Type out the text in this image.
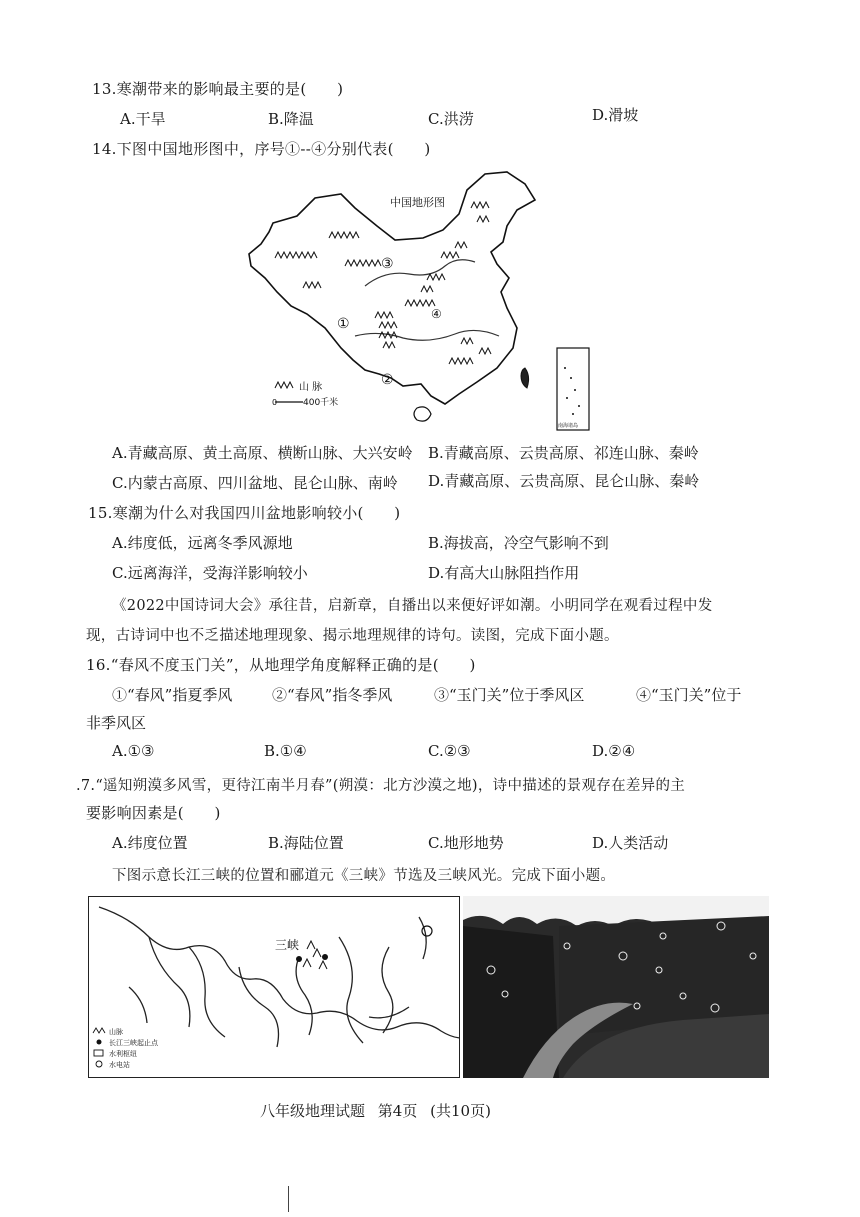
13.寒潮带来的影响最主要的是(　　)
A.干旱	B.降温	C.洪涝	D.滑坡
14.下图中国地形图中，序号①--④分别代表(　　)
中国地形图
③
①
②
④
山 脉
0	400千米
南海诸岛
A.青藏高原、黄土高原、横断山脉、大兴安岭 B.青藏高原、云贵高原、祁连山脉、秦岭
C.内蒙古高原、四川盆地、昆仑山脉、南岭 D.青藏高原、云贵高原、昆仑山脉、秦岭
15.寒潮为什么对我国四川盆地影响较小(　　)
A.纬度低，远离冬季风源地	B.海拔高，冷空气影响不到
C.远离海洋，受海洋影响较小	D.有高大山脉阻挡作用
《2022中国诗词大会》承往昔，启新章，自播出以来便好评如潮。小明同学在观看过程中发
现，古诗词中也不乏描述地理现象、揭示地理规律的诗句。读图，完成下面小题。
16.“春风不度玉门关”，从地理学角度解释正确的是(　　)
①“春风”指夏季风	②“春风”指冬季风	③“玉门关”位于季风区	④“玉门关”位于
非季风区
A.①③	B.①④	C.②③	D.②④
.7.“遥知朔漠多风雪，更待江南半月春”(朔漠：北方沙漠之地)，诗中描述的景观存在差异的主
要影响因素是(　　)
A.纬度位置	B.海陆位置	C.地形地势	D.人类活动
下图示意长江三峡的位置和郦道元《三峡》节选及三峡风光。完成下面小题。
三峡
山脉
长江三峡起止点
水利枢纽
水电站
八年级地理试题 第4页 (共10页)
